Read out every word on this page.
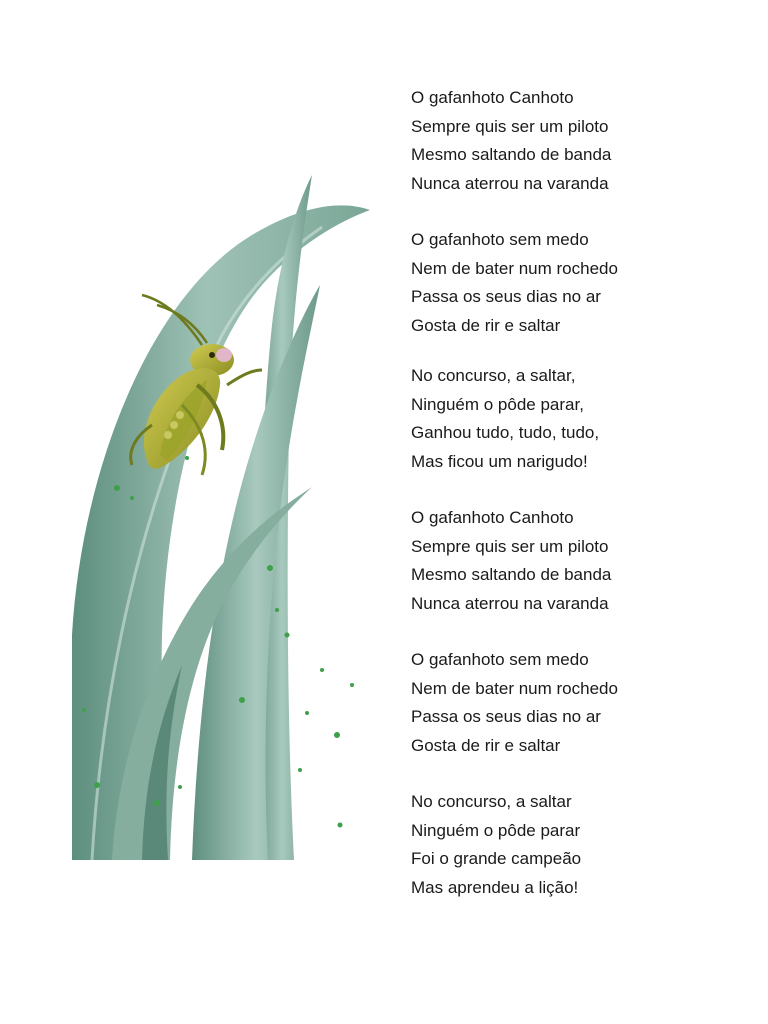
O gafanhoto Canhoto
Sempre quis ser um piloto
Mesmo saltando de banda
Nunca aterrou na varanda
O gafanhoto sem medo
Nem de bater num rochedo
Passa os seus dias no ar
Gosta de rir e saltar
No concurso, a saltar,
Ninguém o pôde parar,
Ganhou tudo, tudo, tudo,
Mas ficou um narigudo!
O gafanhoto Canhoto
Sempre quis ser um piloto
Mesmo saltando de banda
Nunca aterrou na varanda
O gafanhoto sem medo
Nem de bater num rochedo
Passa os seus dias no ar
Gosta de rir e saltar
No concurso, a saltar
Ninguém o pôde parar
Foi o grande campeão
Mas aprendeu a lição!
